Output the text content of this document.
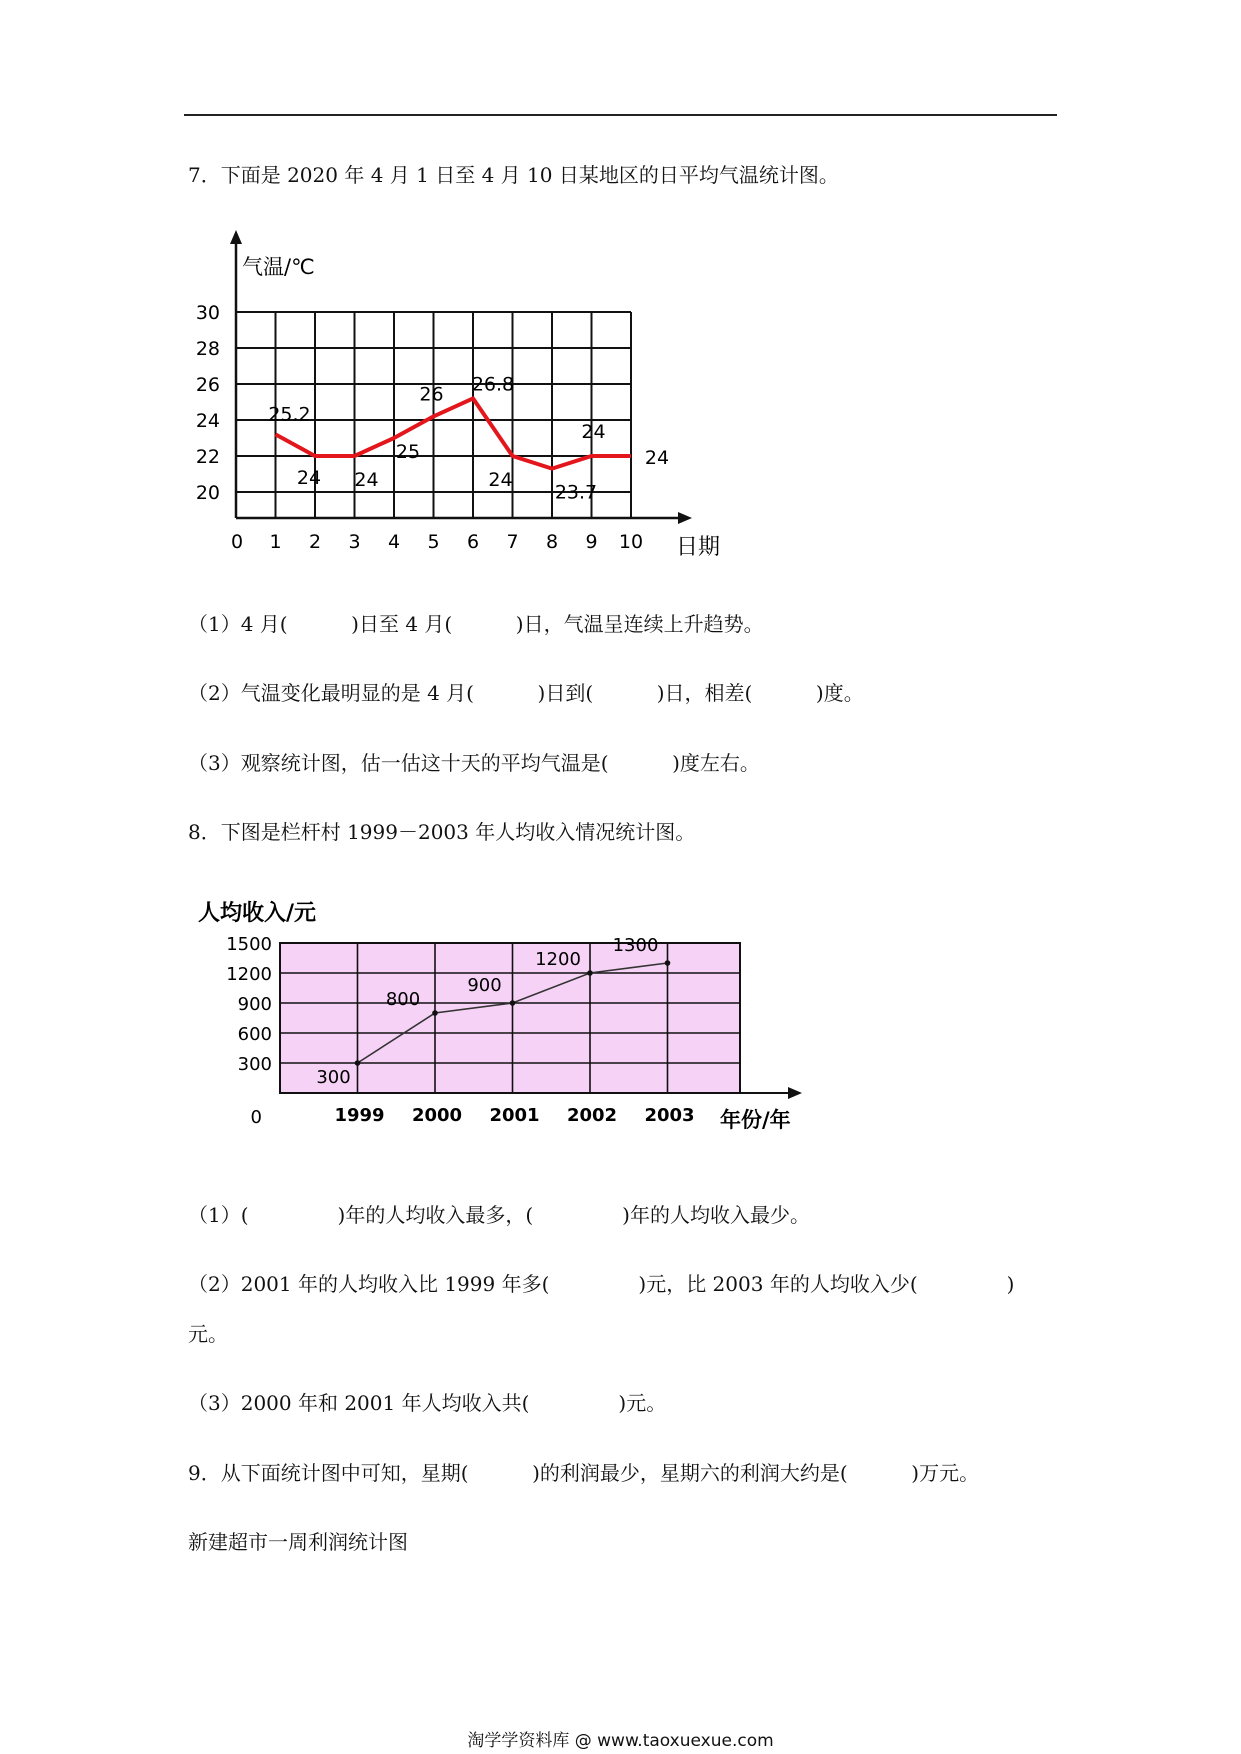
7．下面是 2020 年 4 月 1 日至 4 月 10 日某地区的日平均气温统计图。
20
22
24
26
28
30
1 2 3 4 5 6 7 8 9 10
0
气温/℃
日期
25.2
24 24
25
26 26.8
24
23.7
24
24
（1）4 月(          )日至 4 月(          )日，气温呈连续上升趋势。
（2）气温变化最明显的是 4 月(          )日到(          )日，相差(          )度。
（3）观察统计图，估一估这十天的平均气温是(          )度左右。
8．下图是栏杆村 1999－2003 年人均收入情况统计图。
300
600
900
1200
1500
0	1999 2000 2001 2002 2003 年份/年
人均收入/元
300
800
900
1200
1300
（1）(              )年的人均收入最多，(              )年的人均收入最少。
（2）2001 年的人均收入比 1999 年多(              )元，比 2003 年的人均收入少(              )
元。
（3）2000 年和 2001 年人均收入共(              )元。
9．从下面统计图中可知，星期(          )的利润最少，星期六的利润大约是(          )万元。
新建超市一周利润统计图
淘学学资料库 @ www.taoxuexue.com
